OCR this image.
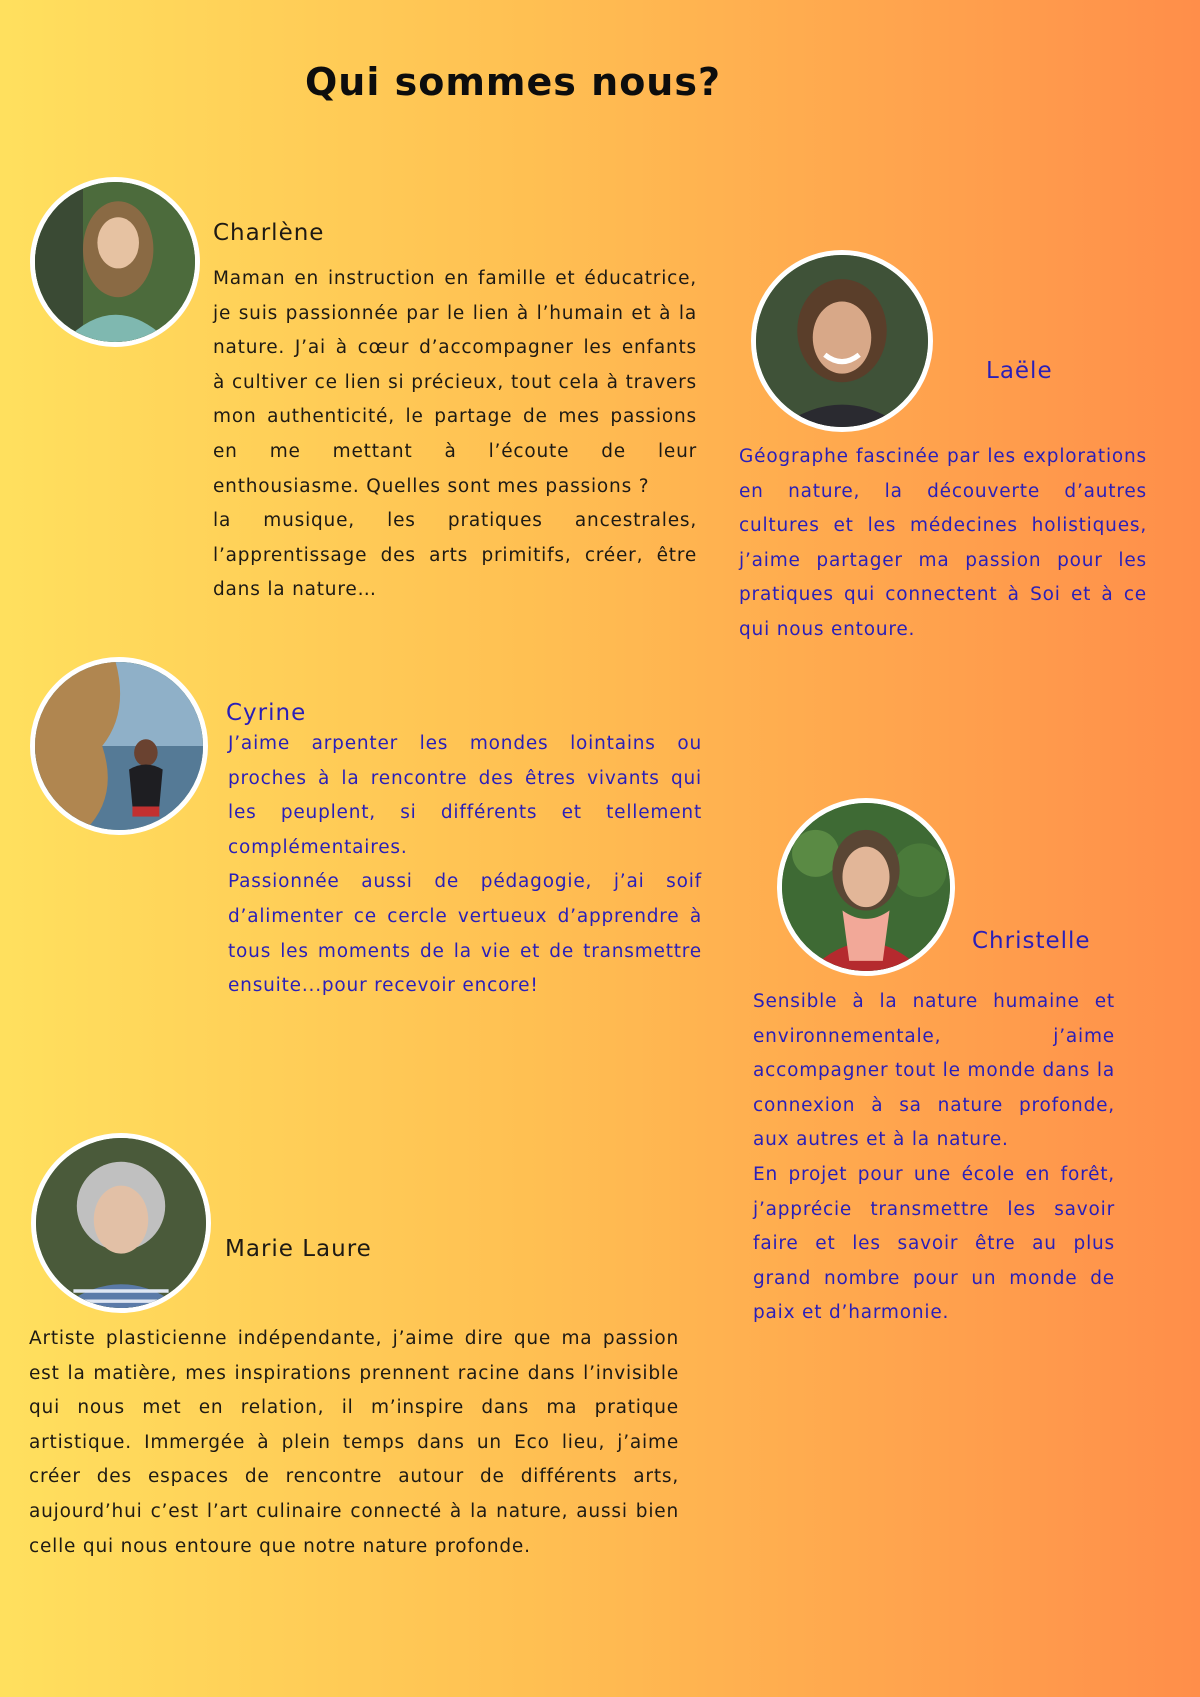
Qui sommes nous?
Charlène

Maman en instruction en famille et éducatrice, je suis passionnée par le lien à l’humain et à la nature. J’ai à cœur d’accompagner les enfants à cultiver ce lien si précieux, tout cela à travers mon authenticité, le partage de mes passions en me mettant à l’écoute de leur enthousiasme. Quelles sont mes passions ?
la musique, les pratiques ancestrales, l’apprentissage des arts primitifs, créer, être dans la nature…

Laële

Géographe fascinée par les explorations en nature, la découverte d’autres cultures et les médecines holistiques, j’aime partager ma passion pour les pratiques qui connectent à Soi et à ce qui nous entoure.

Cyrine

J’aime arpenter les mondes lointains ou proches à la rencontre des êtres vivants qui les peuplent, si différents et tellement complémentaires.
Passionnée aussi de pédagogie, j’ai soif d’alimenter ce cercle vertueux d’apprendre à tous les moments de la vie et de transmettre ensuite...pour recevoir encore!

Christelle

Sensible à la nature humaine et environnementale, j’aime accompagner tout le monde dans la connexion à sa nature profonde, aux autres et à la nature.
En projet pour une école en forêt, j’apprécie transmettre les savoir faire et les savoir être au plus grand nombre pour un monde de paix et d’harmonie.

Marie Laure

Artiste plasticienne indépendante, j’aime dire que ma passion est la matière, mes inspirations prennent racine dans l’invisible qui nous met en relation, il m’inspire dans ma pratique artistique. Immergée à plein temps dans un Eco lieu, j’aime créer des espaces de rencontre autour de différents arts, aujourd’hui c’est l’art culinaire connecté à la nature, aussi bien celle qui nous entoure que notre nature profonde.
